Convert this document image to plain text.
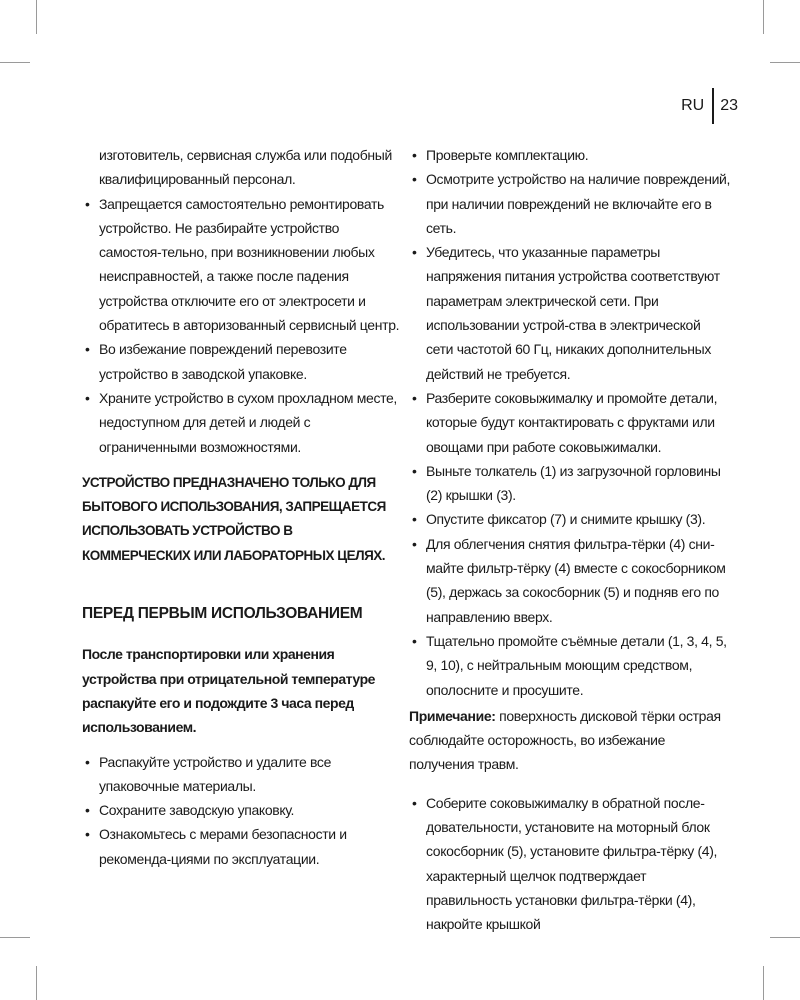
RU	23

изготовитель, сервисная служба или подобный квалифицированный персонал.

• Запрещается самостоятельно ремонтировать устройство. Не разбирайте устройство самостоя-тельно, при возникновении любых неисправностей, а также после падения устройства отключите его от электросети и обратитесь в авторизованный сервисный центр.
• Во избежание повреждений перевозите устройство в заводской упаковке.
• Храните устройство в сухом прохладном месте, недоступном для детей и людей с ограниченными возможностями.

УСТРОЙСТВО ПРЕДНАЗНАЧЕНО ТОЛЬКО ДЛЯ БЫТОВОГО ИСПОЛЬЗОВАНИЯ, ЗАПРЕЩАЕТСЯ ИСПОЛЬЗОВАТЬ УСТРОЙСТВО В КОММЕРЧЕСКИХ ИЛИ ЛАБОРАТОРНЫХ ЦЕЛЯХ.

ПЕРЕД ПЕРВЫМ ИСПОЛЬЗОВАНИЕМ

После транспортировки или хранения устройства при отрицательной температуре распакуйте его и подождите 3 часа перед использованием.

• Распакуйте устройство и удалите все упаковочные материалы.
• Сохраните заводскую упаковку.
• Ознакомьтесь с мерами безопасности и рекоменда-циями по эксплуатации.
• Проверьте комплектацию.
• Осмотрите устройство на наличие повреждений, при наличии повреждений не включайте его в сеть.
• Убедитесь, что указанные параметры напряжения питания устройства соответствуют параметрам электрической сети. При использовании устрой-ства в электрической сети частотой 60 Гц, никаких дополнительных действий не требуется.
• Разберите соковыжималку и промойте детали, которые будут контактировать с фруктами или овощами при работе соковыжималки.
• Выньте толкатель (1) из загрузочной горловины (2) крышки (3).
• Опустите фиксатор (7) и снимите крышку (3).
• Для облегчения снятия фильтра-тёрки (4) сни-майте фильтр-тёрку (4) вместе с сокосборником (5), держась за сокосборник (5) и подняв его по направлению вверх.
• Тщательно промойте съёмные детали (1, 3, 4, 5, 9, 10), с нейтральным моющим средством, ополосните и просушите.

Примечание: поверхность дисковой тёрки острая соблюдайте осторожность, во избежание получения травм.

• Соберите соковыжималку в обратной после-довательности, установите на моторный блок сокосборник (5), установите фильтра-тёрку (4), характерный щелчок подтверждает правильность установки фильтра-тёрки (4), накройте крышкой
